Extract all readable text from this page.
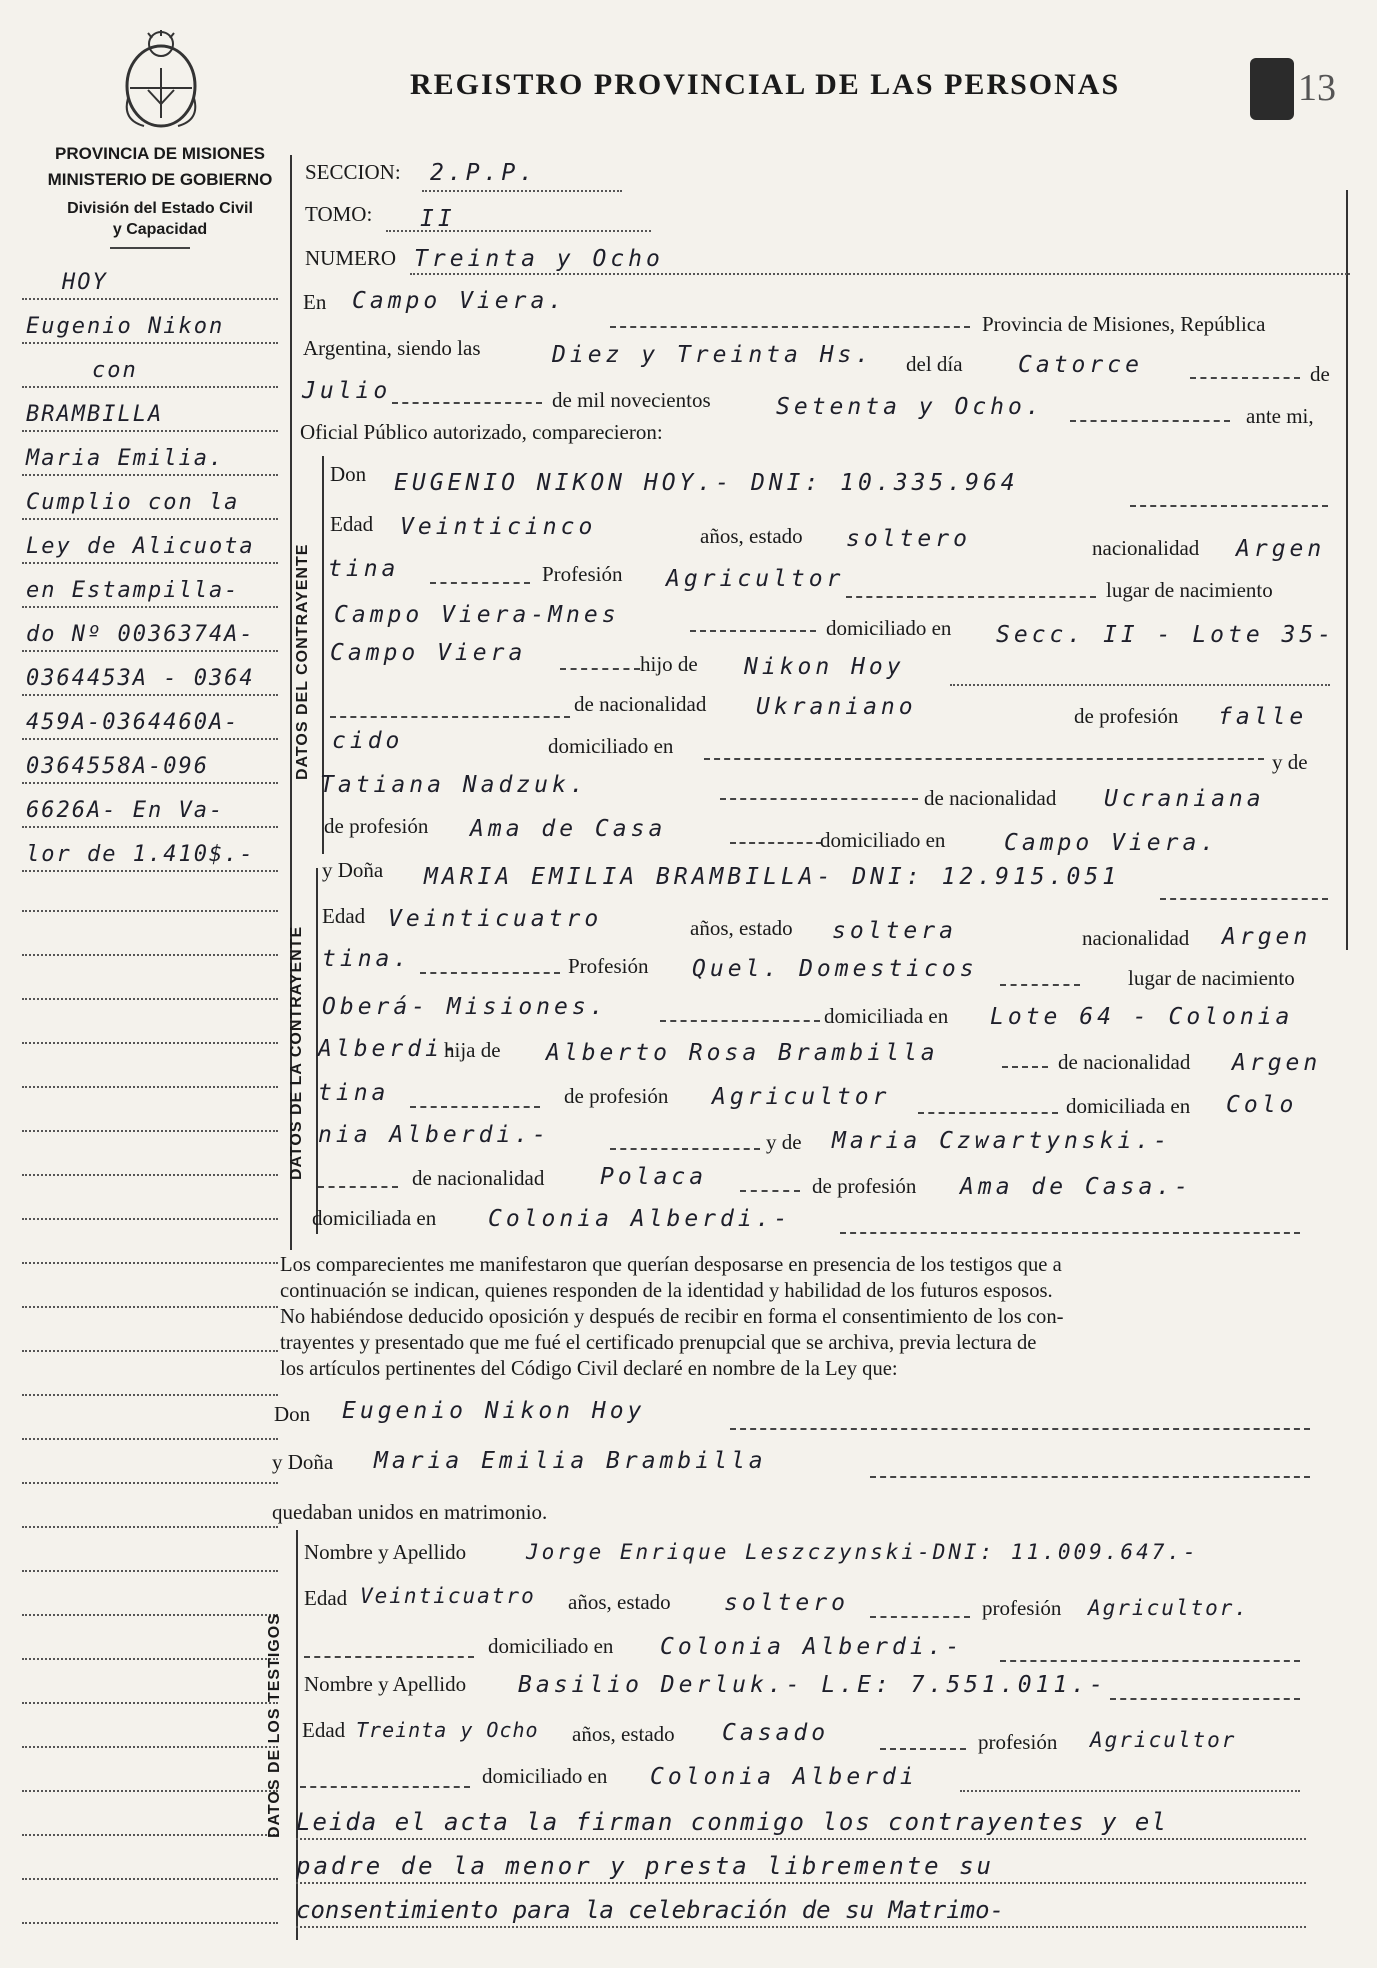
REGISTRO PROVINCIAL DE LAS PERSONAS	13
PROVINCIA DE MISIONES
MINISTERIO DE GOBIERNO
División del Estado Civil
y Capacidad
HOY
Eugenio Nikon
con
BRAMBILLA
Maria Emilia.
Cumplio con la
Ley de Alicuota
en Estampilla-
do Nº 0036374A-
0364453A - 0364
459A-0364460A-
0364558A-096
6626A- En Va-
lor de 1.410$.-
SECCION: 2.P.P.
TOMO: II
NUMERO Treinta y Ocho
En Campo Viera.
Provincia de Misiones, República
Argentina, siendo las	Diez y Treinta Hs. del día Catorce	de
Julio	de mil novecientos	Setenta y Ocho.	ante mi,
Oficial Público autorizado, comparecieron:
DATOS DEL CONTRAYENTE
Don EUGENIO NIKON HOY.- DNI: 10.335.964
Edad Veinticinco	años, estado soltero	nacionalidad Argen
tina	Profesión Agricultor	lugar de nacimiento
Campo Viera-Mnes	domiciliado en Secc. II - Lote 35-
Campo Viera	hijo de Nikon Hoy
de nacionalidad Ukraniano	de profesión falle
cido	domiciliado en
y de
Tatiana Nadzuk.	de nacionalidad Ucraniana
de profesión Ama de Casa	domiciliado en	Campo Viera.
DATOS DE LA CONTRAYENTE
y Doña MARIA EMILIA BRAMBILLA- DNI: 12.915.051
Edad Veinticuatro	años, estado soltera	nacionalidad Argen
tina.	Profesión Quel. Domesticos	lugar de nacimiento
Oberá- Misiones.	domiciliada en Lote 64 - Colonia
Alberdi-
hija de Alberto Rosa Brambilla	de nacionalidad Argen
tina	de profesión Agricultor	domiciliada en Colo
nia Alberdi.-	y de Maria Czwartynski.-
de nacionalidad Polaca	de profesión Ama de Casa.-
domiciliada en Colonia Alberdi.-
Los comparecientes me manifestaron que querían desposarse en presencia de los testigos que a
continuación se indican, quienes responden de la identidad y habilidad de los futuros esposos.
No habiéndose deducido oposición y después de recibir en forma el consentimiento de los con-
trayentes y presentado que me fué el certificado prenupcial que se archiva, previa lectura de
los artículos pertinentes del Código Civil declaré en nombre de la Ley que:
Don Eugenio Nikon Hoy
y Doña Maria Emilia Brambilla
quedaban unidos en matrimonio.
DATOS DE LOS TESTIGOS
Nombre y Apellido	Jorge Enrique Leszczynski-DNI: 11.009.647.-
Edad Veinticuatro años, estado soltero	profesión Agricultor.
domiciliado en Colonia Alberdi.-
Nombre y Apellido Basilio Derluk.- L.E: 7.551.011.-
Edad Treinta y Ocho años, estado Casado	profesión Agricultor
domiciliado en Colonia Alberdi
Leida el acta la firman conmigo los contrayentes y el
padre de la menor y presta libremente su
consentimiento para la celebración de su Matrimo-
